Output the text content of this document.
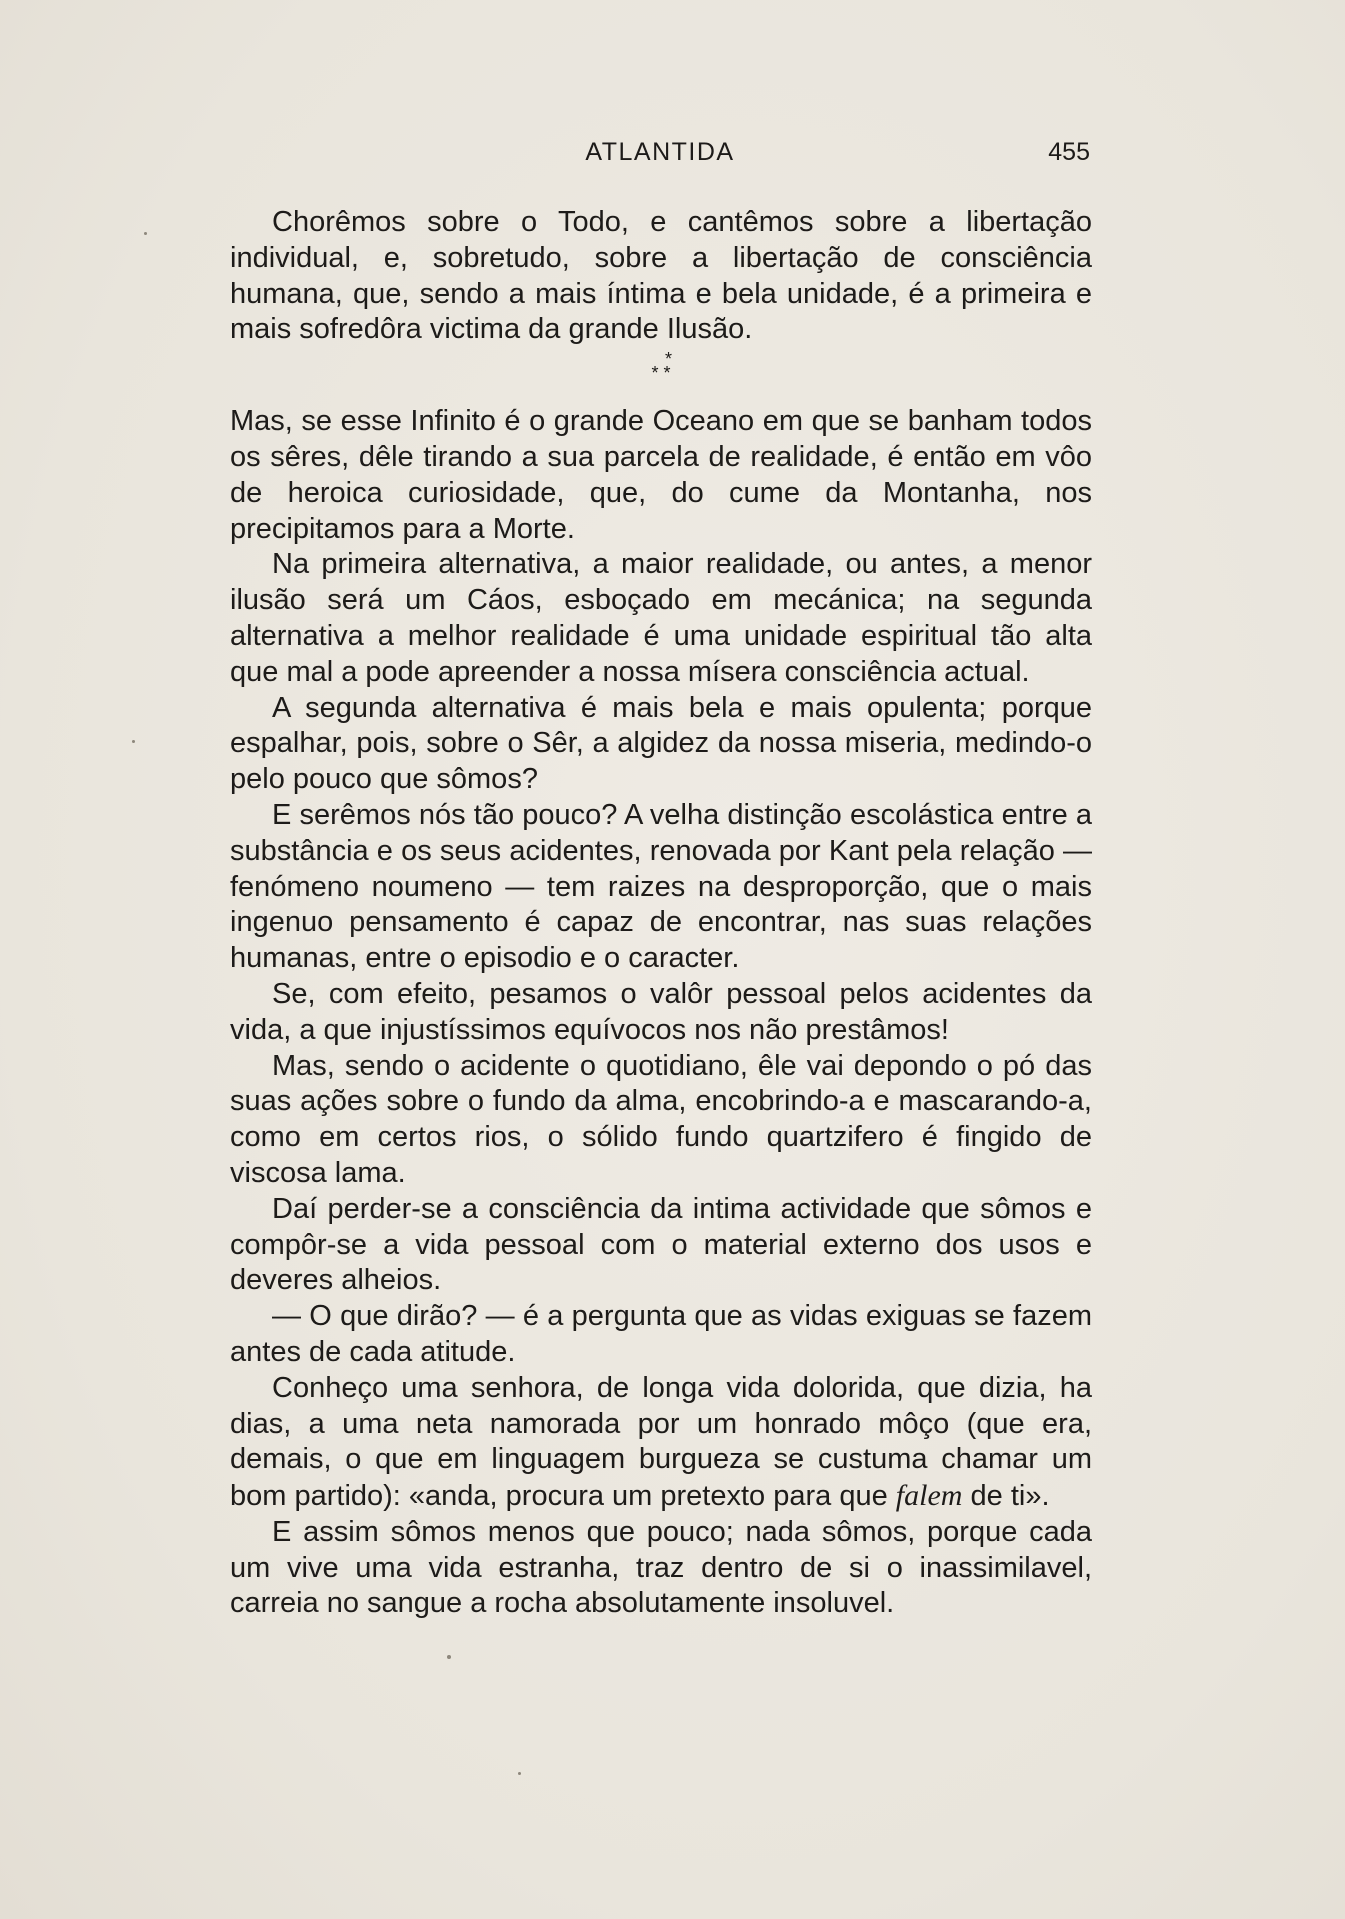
ATLANTIDA	455

Chorêmos sobre o Todo, e cantêmos sobre a libertação individual, e, sobretudo, sobre a libertação de consciência humana, que, sendo a mais íntima e bela unidade, é a primeira e mais sofredôra victima da grande Ilusão.

*
* *

Mas, se esse Infinito é o grande Oceano em que se banham todos os sêres, dêle tirando a sua parcela de realidade, é então em vôo de heroica curiosidade, que, do cume da Montanha, nos precipitamos para a Morte.

Na primeira alternativa, a maior realidade, ou antes, a menor ilusão será um Cáos, esboçado em mecánica; na segunda alternativa a melhor realidade é uma unidade espiritual tão alta que mal a pode apreender a nossa mísera consciência actual.

A segunda alternativa é mais bela e mais opulenta; porque espalhar, pois, sobre o Sêr, a algidez da nossa miseria, medindo-o pelo pouco que sômos?

E serêmos nós tão pouco? A velha distinção escolástica entre a substância e os seus acidentes, renovada por Kant pela relação — fenómeno noumeno — tem raizes na desproporção, que o mais ingenuo pensamento é capaz de encontrar, nas suas relações humanas, entre o episodio e o caracter.

Se, com efeito, pesamos o valôr pessoal pelos acidentes da vida, a que injustíssimos equívocos nos não prestâmos!

Mas, sendo o acidente o quotidiano, êle vai depondo o pó das suas ações sobre o fundo da alma, encobrindo-a e mascarando-a, como em certos rios, o sólido fundo quartzifero é fingido de viscosa lama.

Daí perder-se a consciência da intima actividade que sômos e compôr-se a vida pessoal com o material externo dos usos e deveres alheios.

— O que dirão? — é a pergunta que as vidas exiguas se fazem antes de cada atitude.

Conheço uma senhora, de longa vida dolorida, que dizia, ha dias, a uma neta namorada por um honrado môço (que era, demais, o que em linguagem burgueza se custuma chamar um bom partido): «anda, procura um pretexto para que falem de ti».

E assim sômos menos que pouco; nada sômos, porque cada um vive uma vida estranha, traz dentro de si o inassimilavel, carreia no sangue a rocha absolutamente insoluvel.
